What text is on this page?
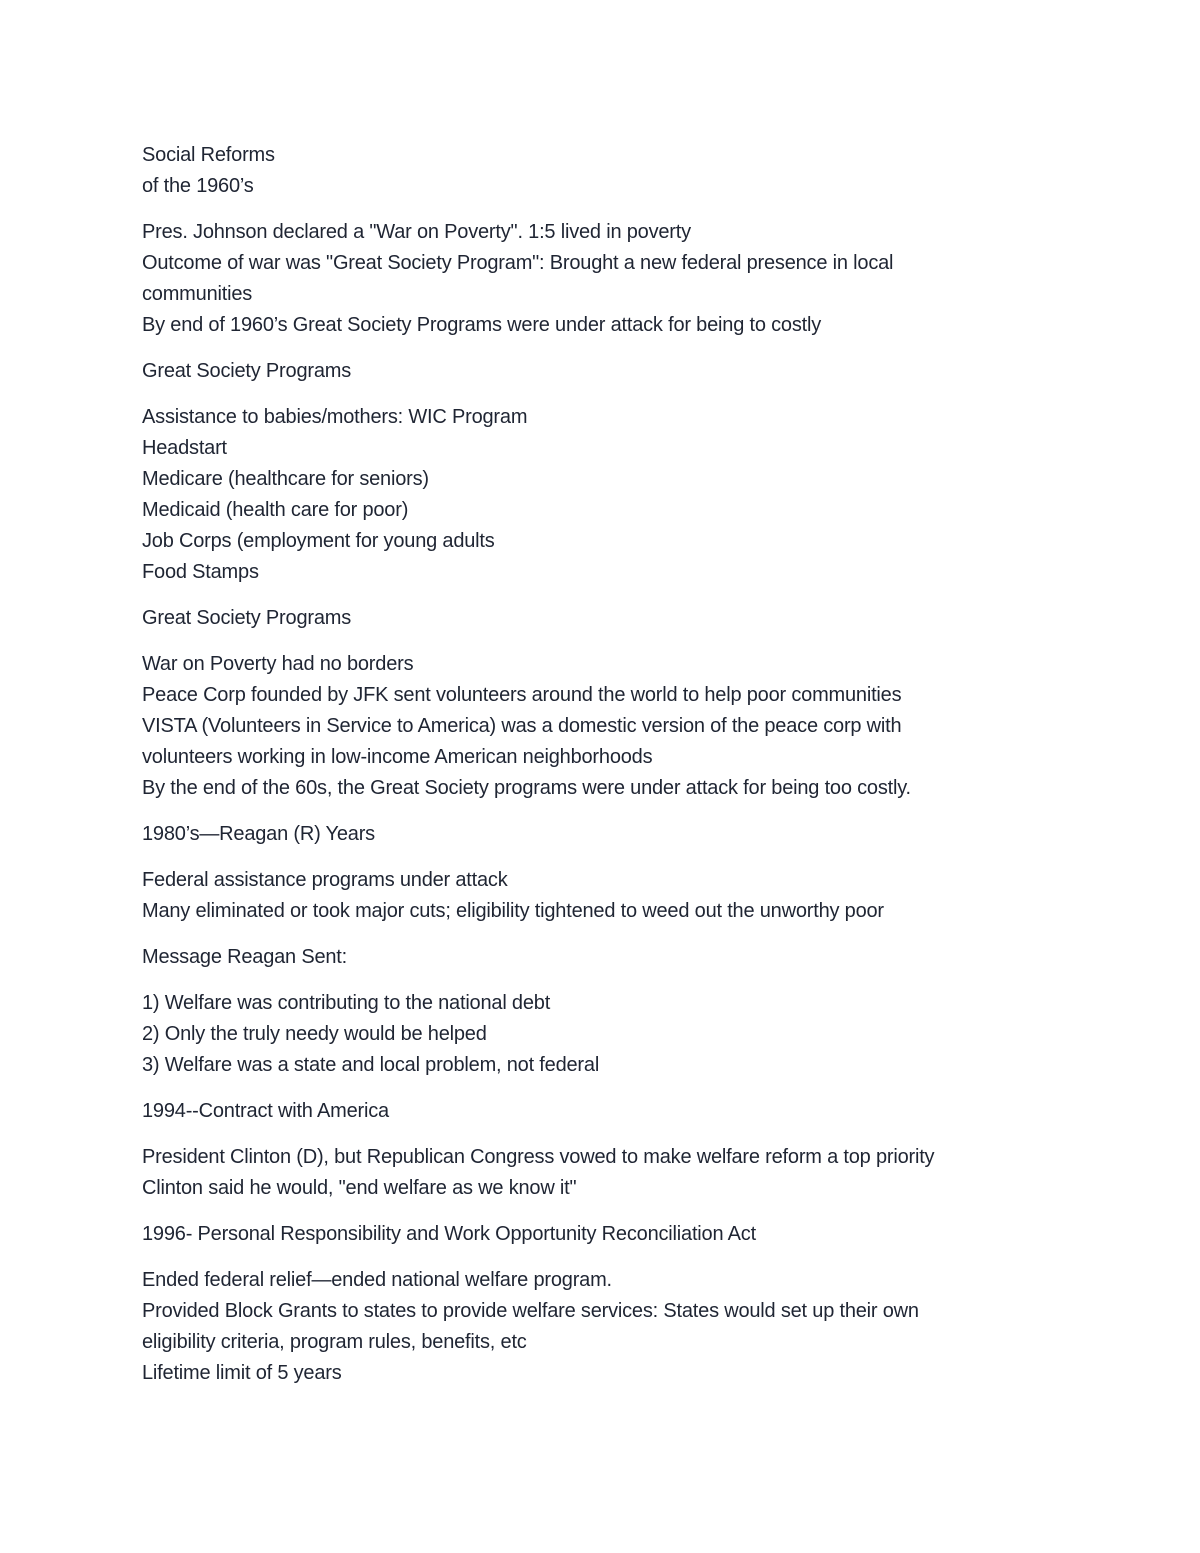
Social Reforms
of the 1960’s
Pres. Johnson declared a "War on Poverty". 1:5 lived in poverty
Outcome of war was "Great Society Program": Brought a new federal presence in local
communities
By end of 1960’s Great Society Programs were under attack for being to costly
Great Society Programs
Assistance to babies/mothers: WIC Program
Headstart
Medicare (healthcare for seniors)
Medicaid (health care for poor)
Job Corps (employment for young adults
Food Stamps
Great Society Programs
War on Poverty had no borders
Peace Corp founded by JFK sent volunteers around the world to help poor communities
VISTA (Volunteers in Service to America) was a domestic version of the peace corp with
volunteers working in low-income American neighborhoods
By the end of the 60s, the Great Society programs were under attack for being too costly.
1980’s—Reagan (R) Years
Federal assistance programs under attack
Many eliminated or took major cuts; eligibility tightened to weed out the unworthy poor
Message Reagan Sent:
1) Welfare was contributing to the national debt
2) Only the truly needy would be helped
3) Welfare was a state and local problem, not federal
1994--Contract with America
President Clinton (D), but Republican Congress vowed to make welfare reform a top priority
Clinton said he would, "end welfare as we know it"
1996- Personal Responsibility and Work Opportunity Reconciliation Act
Ended federal relief—ended national welfare program.
Provided Block Grants to states to provide welfare services: States would set up their own
eligibility criteria, program rules, benefits, etc
Lifetime limit of 5 years
